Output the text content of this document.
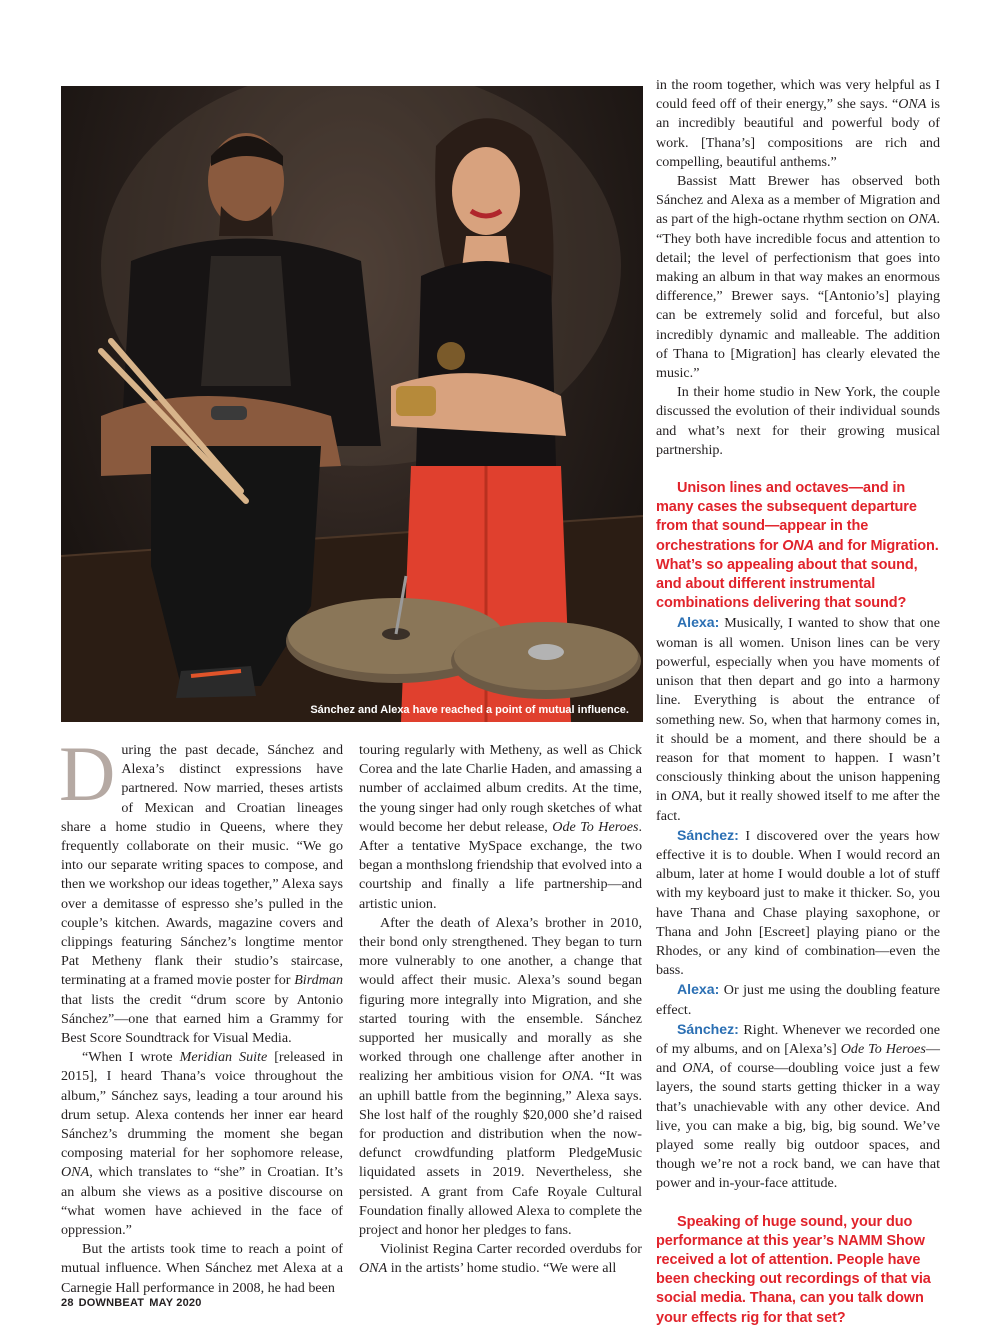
Sánchez and Alexa have reached a point of mutual influence.

During the past decade, Sánchez and Alexa’s distinct expressions have partnered. Now married, theses artists of Mexican and Croatian lineages share a home studio in Queens, where they frequently collaborate on their music. “We go into our separate writing spaces to compose, and then we workshop our ideas together,” Alexa says over a demitasse of espresso she’s pulled in the couple’s kitchen. Awards, magazine covers and clippings featuring Sánchez’s longtime mentor Pat Metheny flank their studio’s staircase, terminating at a framed movie poster for Birdman that lists the credit “drum score by Antonio Sánchez”—one that earned him a Grammy for Best Score Soundtrack for Visual Media.

“When I wrote Meridian Suite [released in 2015], I heard Thana’s voice throughout the album,” Sánchez says, leading a tour around his drum setup. Alexa contends her inner ear heard Sánchez’s drumming the moment she began composing material for her sophomore release, ONA, which translates to “she” in Croatian. It’s an album she views as a positive discourse on “what women have achieved in the face of oppression.”

But the artists took time to reach a point of mutual influence. When Sánchez met Alexa at a Carnegie Hall performance in 2008, he had been

touring regularly with Metheny, as well as Chick Corea and the late Charlie Haden, and amassing a number of acclaimed album credits. At the time, the young singer had only rough sketches of what would become her debut release, Ode To Heroes. After a tentative MySpace exchange, the two began a monthslong friendship that evolved into a courtship and finally a life partnership—and artistic union.

After the death of Alexa’s brother in 2010, their bond only strengthened. They began to turn more vulnerably to one another, a change that would affect their music. Alexa’s sound began figuring more integrally into Migration, and she started touring with the ensemble. Sánchez supported her musically and morally as she worked through one challenge after another in realizing her ambitious vision for ONA. “It was an uphill battle from the beginning,” Alexa says. She lost half of the roughly $20,000 she’d raised for production and distribution when the now-defunct crowdfunding platform PledgeMusic liquidated assets in 2019. Nevertheless, she persisted. A grant from Cafe Royale Cultural Foundation finally allowed Alexa to complete the project and honor her pledges to fans.

Violinist Regina Carter recorded overdubs for ONA in the artists’ home studio. “We were all

in the room together, which was very helpful as I could feed off of their energy,” she says. “ONA is an incredibly beautiful and powerful body of work. [Thana’s] compositions are rich and compelling, beautiful anthems.”

Bassist Matt Brewer has observed both Sánchez and Alexa as a member of Migration and as part of the high-octane rhythm section on ONA. “They both have incredible focus and attention to detail; the level of perfectionism that goes into making an album in that way makes an enormous difference,” Brewer says. “[Antonio’s] playing can be extremely solid and forceful, but also incredibly dynamic and malleable. The addition of Thana to [Migration] has clearly elevated the music.”

In their home studio in New York, the couple discussed the evolution of their individual sounds and what’s next for their growing musical partnership.

Unison lines and octaves—and in many cases the subsequent departure from that sound—appear in the orchestrations for ONA and for Migration. What’s so appealing about that sound, and about different instrumental combinations delivering that sound?

Alexa: Musically, I wanted to show that one woman is all women. Unison lines can be very powerful, especially when you have moments of unison that then depart and go into a harmony line. Everything is about the entrance of something new. So, when that harmony comes in, it should be a moment, and there should be a reason for that moment to happen. I wasn’t consciously thinking about the unison happening in ONA, but it really showed itself to me after the fact.

Sánchez: I discovered over the years how effective it is to double. When I would record an album, later at home I would double a lot of stuff with my keyboard just to make it thicker. So, you have Thana and Chase playing saxophone, or Thana and John [Escreet] playing piano or the Rhodes, or any kind of combination—even the bass.

Alexa: Or just me using the doubling feature effect.

Sánchez: Right. Whenever we recorded one of my albums, and on [Alexa’s] Ode To Heroes— and ONA, of course—doubling voice just a few layers, the sound starts getting thicker in a way that’s unachievable with any other device. And live, you can make a big, big, big sound. We’ve played some really big outdoor spaces, and though we’re not a rock band, we can have that power and in-your-face attitude.

Speaking of huge sound, your duo performance at this year’s NAMM Show received a lot of attention. People have been checking out recordings of that via social media. Thana, can you talk down your effects rig for that set?

28 DOWNBEAT MAY 2020
